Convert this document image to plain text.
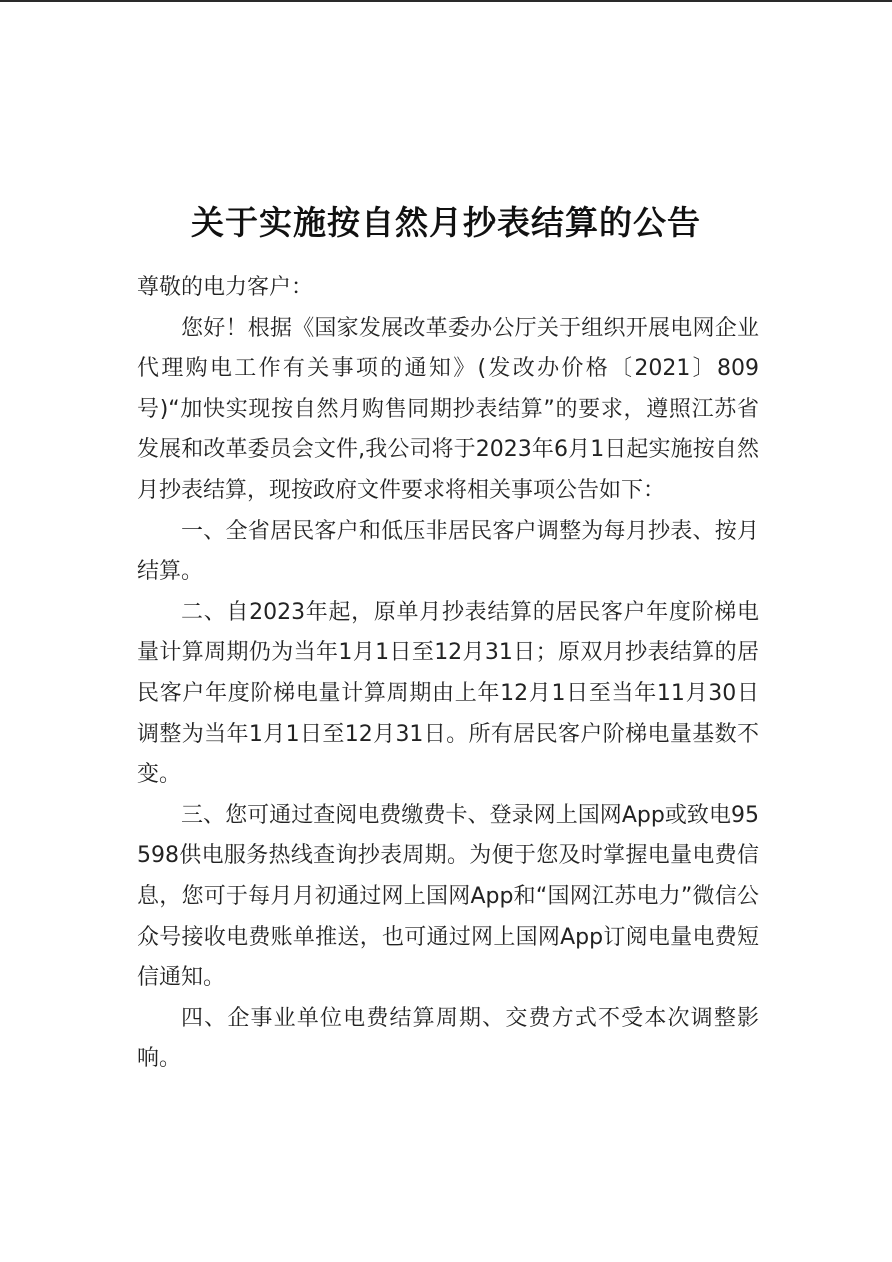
关于实施按自然月抄表结算的公告

尊敬的电力客户：

您好！根据《国家发展改革委办公厅关于组织开展电网企业代理购电工作有关事项的通知》(发改办价格〔2021〕809号)“加快实现按自然月购售同期抄表结算”的要求，遵照江苏省发展和改革委员会文件,我公司将于2023年6月1日起实施按自然月抄表结算，现按政府文件要求将相关事项公告如下：

一、全省居民客户和低压非居民客户调整为每月抄表、按月结算。

二、自2023年起，原单月抄表结算的居民客户年度阶梯电量计算周期仍为当年1月1日至12月31日；原双月抄表结算的居民客户年度阶梯电量计算周期由上年12月1日至当年11月30日调整为当年1月1日至12月31日。所有居民客户阶梯电量基数不变。

三、您可通过查阅电费缴费卡、登录网上国网App或致电95598供电服务热线查询抄表周期。为便于您及时掌握电量电费信息，您可于每月月初通过网上国网App和“国网江苏电力”微信公众号接收电费账单推送，也可通过网上国网App订阅电量电费短信通知。

四、企事业单位电费结算周期、交费方式不受本次调整影响。
